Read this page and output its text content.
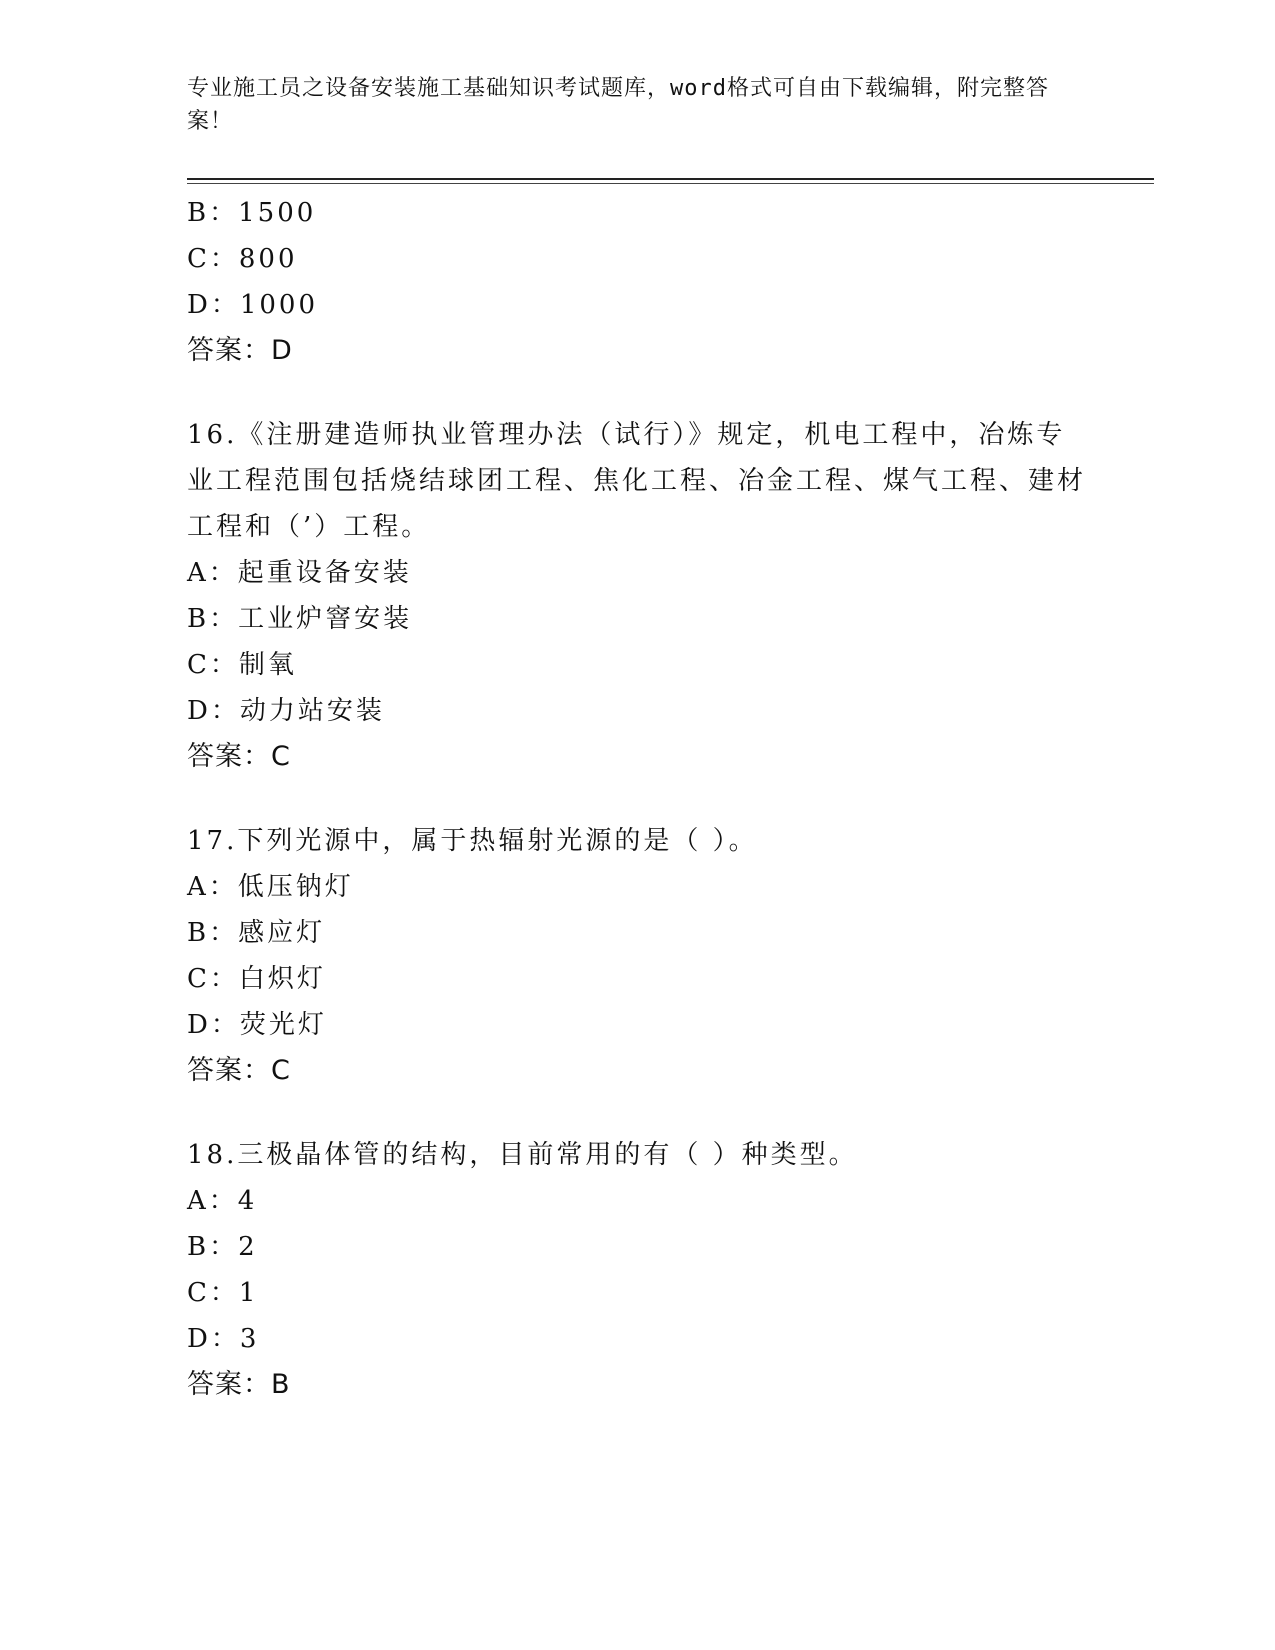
专业施工员之设备安装施工基础知识考试题库，word格式可自由下载编辑，附完整答案！
B：1500
C：800
D：1000
答案：D
16.《注册建造师执业管理办法（试行）》规定，机电工程中，冶炼专业工程范围包括烧结球团工程、焦化工程、冶金工程、煤气工程、建材工程和（’）工程。
A：起重设备安装
B：工业炉窨安装
C：制氧
D：动力站安装
答案：C
17.下列光源中，属于热辐射光源的是（ ）。
A：低压钠灯
B：感应灯
C：白炽灯
D：荧光灯
答案：C
18.三极晶体管的结构，目前常用的有（ ）种类型。
A：4
B：2
C：1
D：3
答案：B
